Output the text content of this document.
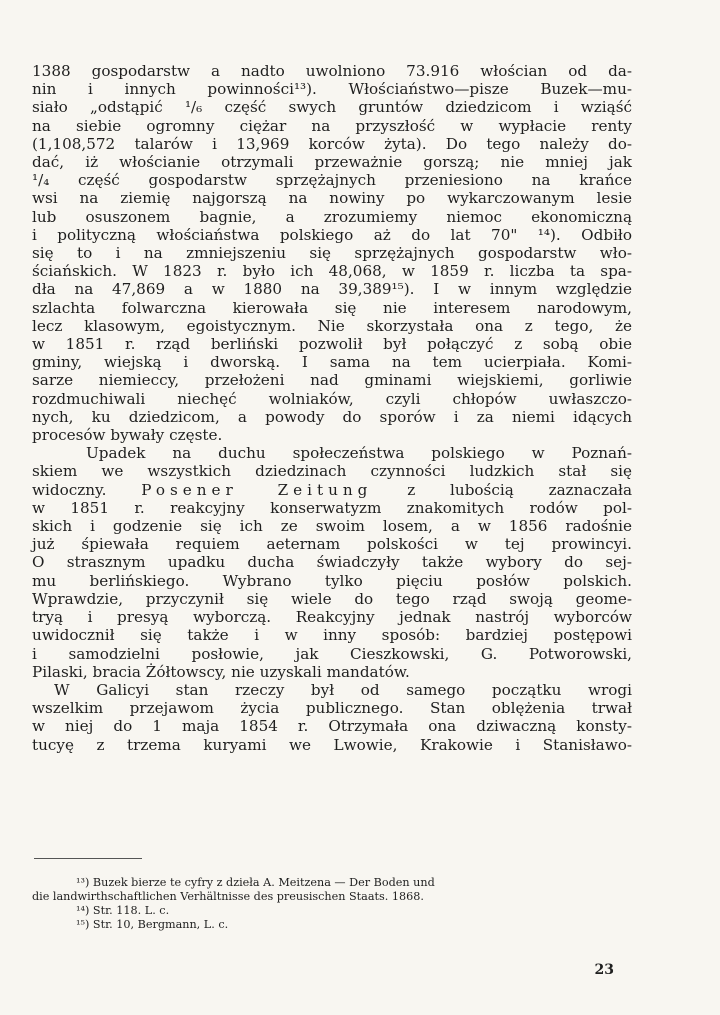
1388 gospodarstw a nadto uwolniono 73.916 włościan od da-
nin i innych powinności¹³). Włościaństwo—pisze Buzek—mu-
siało „odstąpić ¹/₆ część swych gruntów dziedzicom i wziąść
na siebie ogromny ciężar na przyszłość w wypłacie renty
(1,108,572 talarów i 13,969 korców żyta). Do tego należy do-
dać, iż włościanie otrzymali przeważnie gorszą; nie mniej jak
¹/₄ część gospodarstw sprzężajnych przeniesiono na krańce
wsi na ziemię najgorszą na nowiny po wykarczowanym lesie
lub osuszonem bagnie, a zrozumiemy niemoc ekonomiczną
i polityczną włościaństwa polskiego aż do lat 70" ¹⁴). Odbiło
się to i na zmniejszeniu się sprzężajnych gospodarstw wło-
ściańskich. W 1823 r. było ich 48,068, w 1859 r. liczba ta spa-
dła na 47,869 a w 1880 na 39,389¹⁵). I w innym względzie
szlachta folwarczna kierowała się nie interesem narodowym,
lecz klasowym, egoistycznym. Nie skorzystała ona z tego, że
w 1851 r. rząd berliński pozwolił był połączyć z sobą obie
gminy, wiejską i dworską. I sama na tem ucierpiała. Komi-
sarze niemieccy, przełożeni nad gminami wiejskiemi, gorliwie
rozdmuchiwali niechęć wolniaków, czyli chłopów uwłaszczo-
nych, ku dziedzicom, a powody do sporów i za niemi idących
procesów bywały częste.
Upadek na duchu społeczeństwa polskiego w Poznań-
skiem we wszystkich dziedzinach czynności ludzkich stał się
widoczny. Posener Zeitung z lubością zaznaczała
w 1851 r. reakcyjny konserwatyzm znakomitych rodów pol-
skich i godzenie się ich ze swoim losem, a w 1856 radośnie
już śpiewała requiem aeternam polskości w tej prowincyi.
O strasznym upadku ducha świadczyły także wybory do sej-
mu berlińskiego. Wybrano tylko pięciu posłów polskich.
Wprawdzie, przyczynił się wiele do tego rząd swoją geome-
tryą i presyą wyborczą. Reakcyjny jednak nastrój wyborców
uwidocznił się także i w inny sposób: bardziej postępowi
i samodzielni posłowie, jak Cieszkowski, G. Potworowski,
Pilaski, bracia Żółtowscy, nie uzyskali mandatów.
W Galicyi stan rzeczy był od samego początku wrogi
wszelkim przejawom życia publicznego. Stan oblężenia trwał
w niej do 1 maja 1854 r. Otrzymała ona dziwaczną konsty-
tucyę z trzema kuryami we Lwowie, Krakowie i Stanisławo-
¹³) Buzek bierze te cyfry z dzieła A. Meitzena — Der Boden und
die landwirthschaftlichen Verhältnisse des preusischen Staats. 1868.
¹⁴) Str. 118. L. c.
¹⁵) Str. 10, Bergmann, L. c.
23
